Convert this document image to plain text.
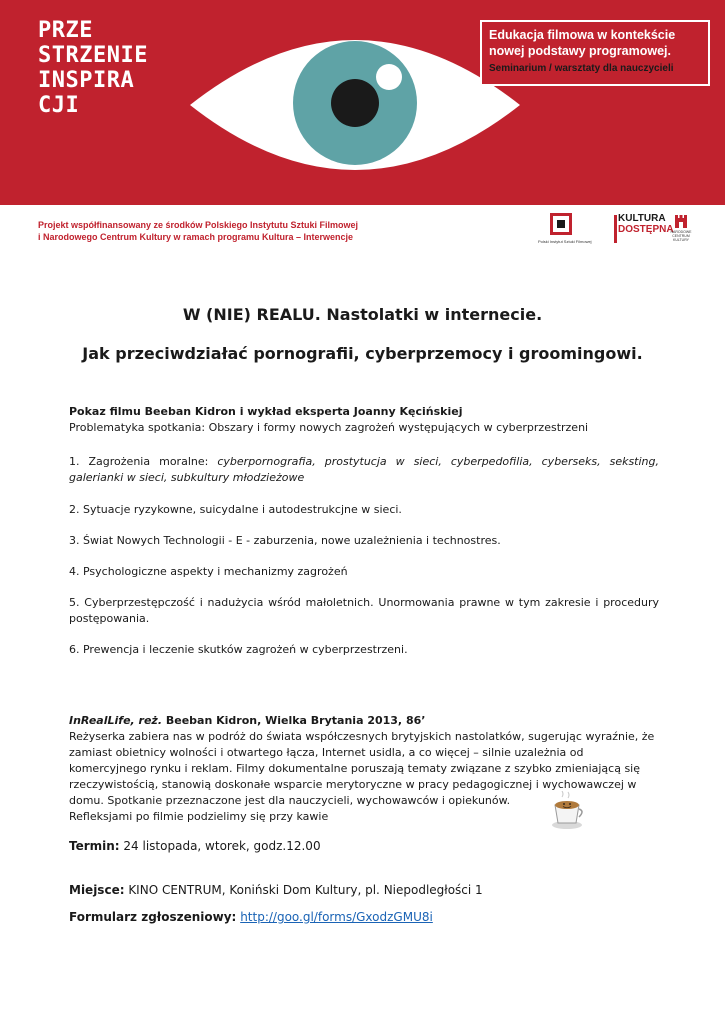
PRZE
STRZENIE
INSPIRA
CJI
Edukacja filmowa w kontekście
nowej podstawy programowej.
Seminarium / warsztaty dla nauczycieli
Projekt współfinansowany ze środków Polskiego Instytutu Sztuki Filmowej
i Narodowego Centrum Kultury w ramach programu Kultura – Interwencje	Polski Instytut Sztuki Filmowej
KULTURA
DOSTĘPNA
NARODOWE CENTRUM KULTURY
W (NIE) REALU. Nastolatki w internecie.
Jak przeciwdziałać pornografii, cyberprzemocy i groomingowi.
Pokaz filmu Beeban Kidron i wykład eksperta Joanny Kęcińskiej
Problematyka spotkania: Obszary i formy nowych zagrożeń występujących w cyberprzestrzeni
1. Zagrożenia moralne: cyberpornografia, prostytucja w sieci, cyberpedofilia, cyberseks, seksting, galerianki w sieci, subkultury młodzieżowe
2. Sytuacje ryzykowne, suicydalne i autodestrukcjne w sieci.
3. Świat Nowych Technologii - E - zaburzenia, nowe uzależnienia i technostres.
4. Psychologiczne aspekty i mechanizmy zagrożeń
5. Cyberprzestępczość i nadużycia wśród małoletnich. Unormowania prawne w tym zakresie i procedury postępowania.
6. Prewencja i leczenie skutków zagrożeń w cyberprzestrzeni.
InRealLife, reż. Beeban Kidron, Wielka Brytania 2013, 86’
Reżyserka zabiera nas w podróż do świata współczesnych brytyjskich nastolatków, sugerując wyraźnie, że zamiast obietnicy wolności i otwartego łącza, Internet usidla, a co więcej – silnie uzależnia od komercyjnego rynku i reklam. Filmy dokumentalne poruszają tematy związane z szybko zmieniającą się rzeczywistością, stanowią doskonałe wsparcie merytoryczne w pracy pedagogicznej i wychowawczej w domu. Spotkanie przeznaczone jest dla nauczycieli, wychowawców i opiekunów.
Refleksjami po filmie podzielimy się przy kawie
Termin: 24 listopada, wtorek, godz.12.00
Miejsce: KINO CENTRUM, Koniński Dom Kultury, pl. Niepodległości 1
Formularz zgłoszeniowy: http://goo.gl/forms/GxodzGMU8i
